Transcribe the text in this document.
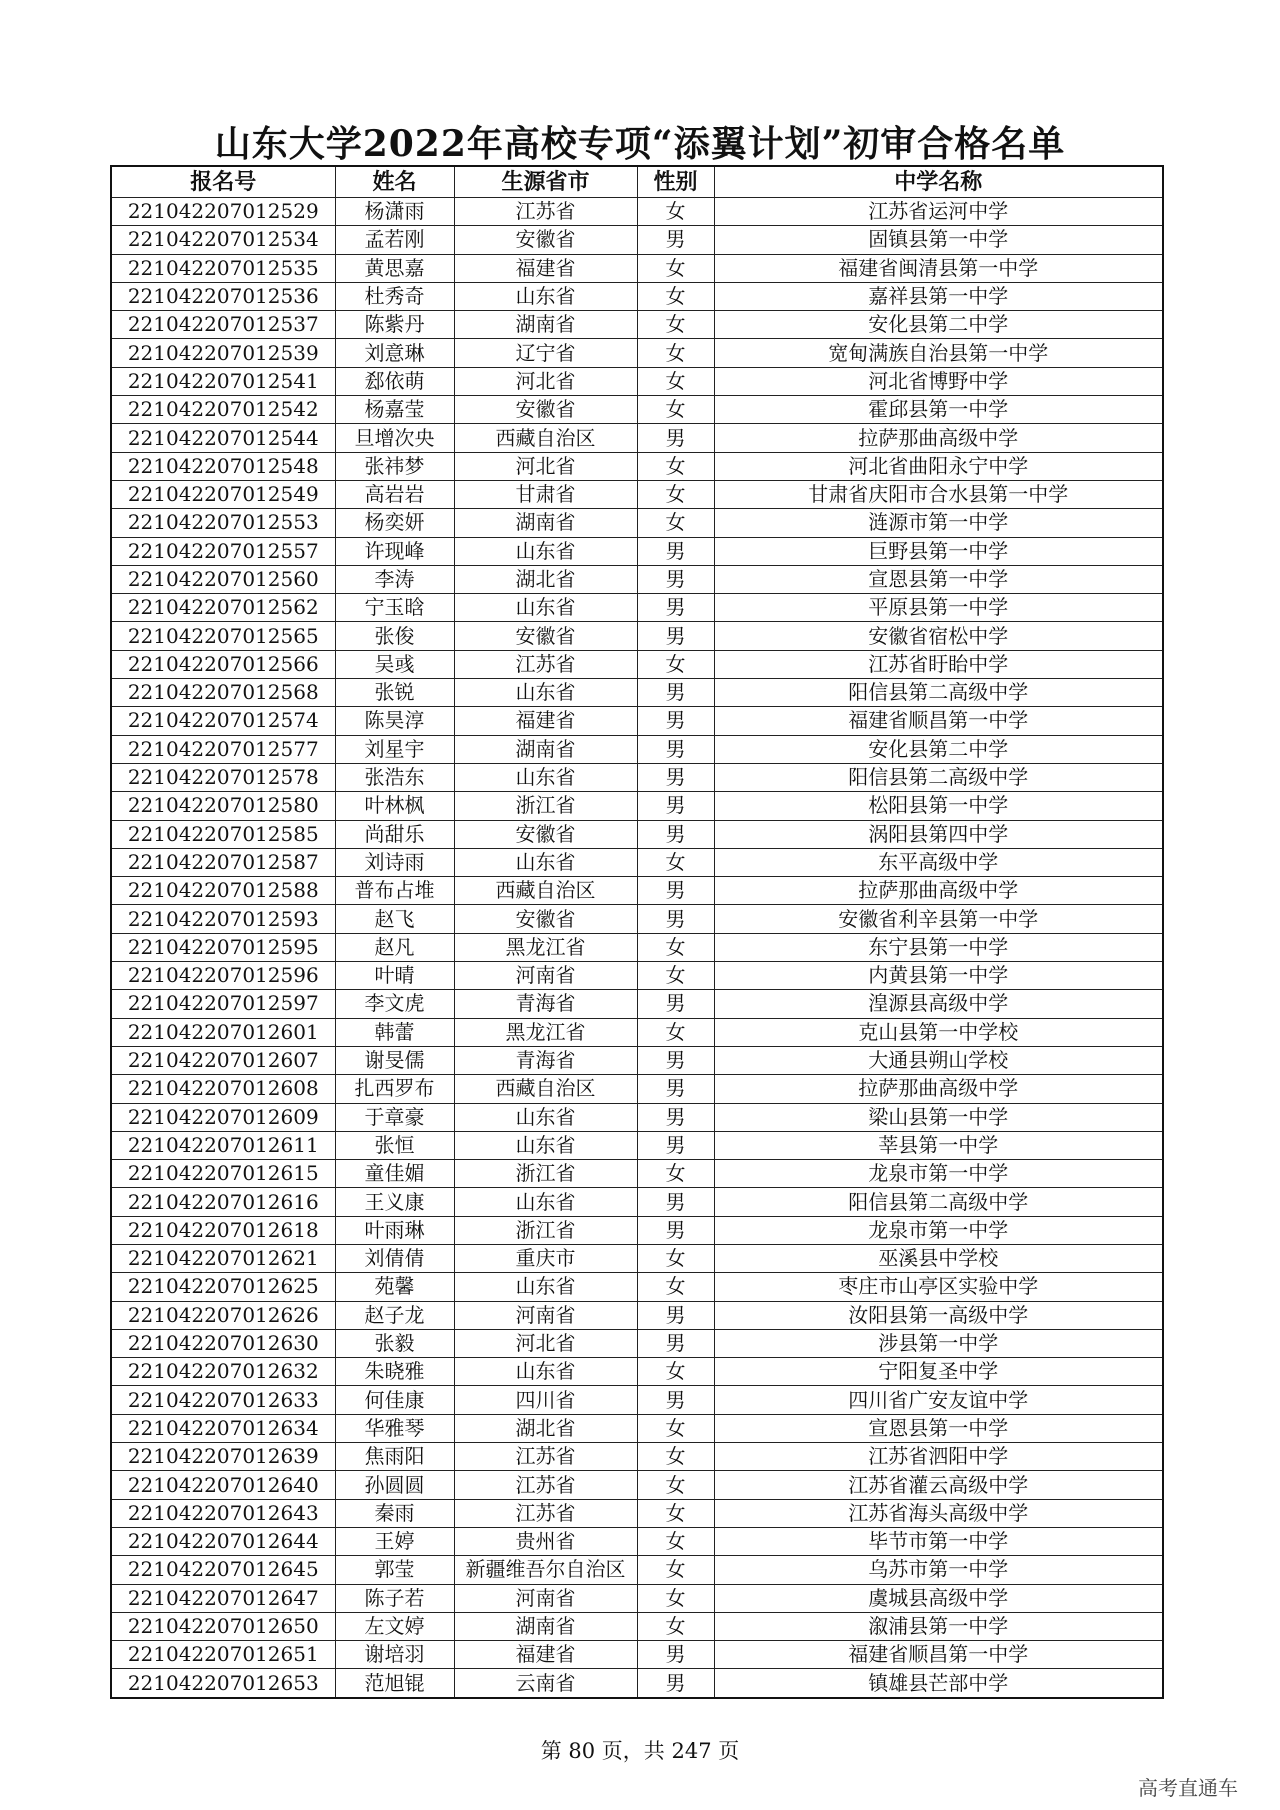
山东大学2022年高校专项“添翼计划”初审合格名单
报名号	姓名	生源省市	性别	中学名称
221042207012529	杨潇雨	江苏省	女	江苏省运河中学
221042207012534	孟若刚	安徽省	男	固镇县第一中学
221042207012535	黄思嘉	福建省	女	福建省闽清县第一中学
221042207012536	杜秀奇	山东省	女	嘉祥县第一中学
221042207012537	陈紫丹	湖南省	女	安化县第二中学
221042207012539	刘意琳	辽宁省	女	宽甸满族自治县第一中学
221042207012541	郄依萌	河北省	女	河北省博野中学
221042207012542	杨嘉莹	安徽省	女	霍邱县第一中学
221042207012544	旦增次央	西藏自治区	男	拉萨那曲高级中学
221042207012548	张祎梦	河北省	女	河北省曲阳永宁中学
221042207012549	高岩岩	甘肃省	女	甘肃省庆阳市合水县第一中学
221042207012553	杨奕妍	湖南省	女	涟源市第一中学
221042207012557	许现峰	山东省	男	巨野县第一中学
221042207012560	李涛	湖北省	男	宣恩县第一中学
221042207012562	宁玉晗	山东省	男	平原县第一中学
221042207012565	张俊	安徽省	男	安徽省宿松中学
221042207012566	吴彧	江苏省	女	江苏省盱眙中学
221042207012568	张锐	山东省	男	阳信县第二高级中学
221042207012574	陈昊淳	福建省	男	福建省顺昌第一中学
221042207012577	刘星宇	湖南省	男	安化县第二中学
221042207012578	张浩东	山东省	男	阳信县第二高级中学
221042207012580	叶林枫	浙江省	男	松阳县第一中学
221042207012585	尚甜乐	安徽省	男	涡阳县第四中学
221042207012587	刘诗雨	山东省	女	东平高级中学
221042207012588	普布占堆	西藏自治区	男	拉萨那曲高级中学
221042207012593	赵飞	安徽省	男	安徽省利辛县第一中学
221042207012595	赵凡	黑龙江省	女	东宁县第一中学
221042207012596	叶晴	河南省	女	内黄县第一中学
221042207012597	李文虎	青海省	男	湟源县高级中学
221042207012601	韩蕾	黑龙江省	女	克山县第一中学校
221042207012607	谢旻儒	青海省	男	大通县朔山学校
221042207012608	扎西罗布	西藏自治区	男	拉萨那曲高级中学
221042207012609	于章豪	山东省	男	梁山县第一中学
221042207012611	张恒	山东省	男	莘县第一中学
221042207012615	童佳媚	浙江省	女	龙泉市第一中学
221042207012616	王义康	山东省	男	阳信县第二高级中学
221042207012618	叶雨琳	浙江省	男	龙泉市第一中学
221042207012621	刘倩倩	重庆市	女	巫溪县中学校
221042207012625	苑馨	山东省	女	枣庄市山亭区实验中学
221042207012626	赵子龙	河南省	男	汝阳县第一高级中学
221042207012630	张毅	河北省	男	涉县第一中学
221042207012632	朱晓雅	山东省	女	宁阳复圣中学
221042207012633	何佳康	四川省	男	四川省广安友谊中学
221042207012634	华雅琴	湖北省	女	宣恩县第一中学
221042207012639	焦雨阳	江苏省	女	江苏省泗阳中学
221042207012640	孙圆圆	江苏省	女	江苏省灌云高级中学
221042207012643	秦雨	江苏省	女	江苏省海头高级中学
221042207012644	王婷	贵州省	女	毕节市第一中学
221042207012645	郭莹	新疆维吾尔自治区	女	乌苏市第一中学
221042207012647	陈子若	河南省	女	虞城县高级中学
221042207012650	左文婷	湖南省	女	溆浦县第一中学
221042207012651	谢培羽	福建省	男	福建省顺昌第一中学
221042207012653	范旭锟	云南省	男	镇雄县芒部中学
第 80 页，共 247 页
高考直通车
